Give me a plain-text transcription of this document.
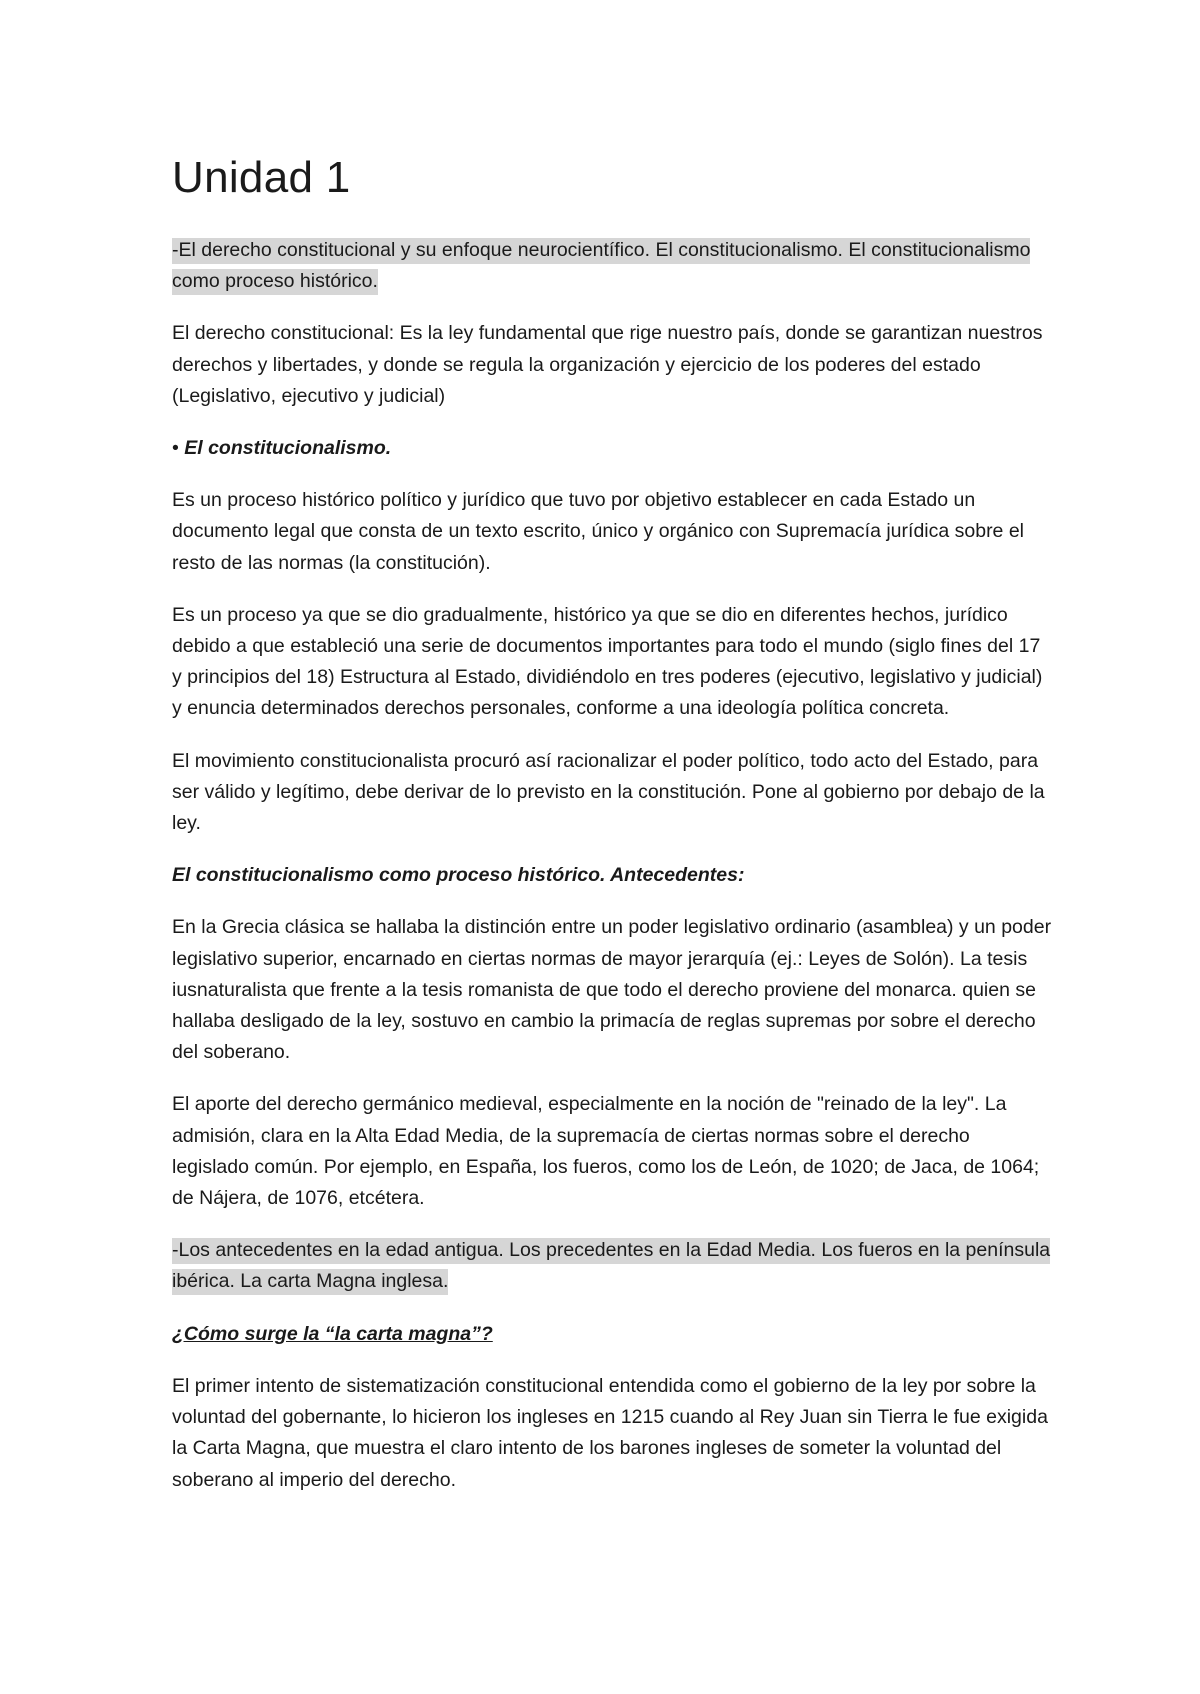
Unidad 1

-El derecho constitucional y su enfoque neurocientífico. El constitucionalismo. El constitucionalismo como proceso histórico.

El derecho constitucional: Es la ley fundamental que rige nuestro país, donde se garantizan nuestros derechos y libertades, y donde se regula la organización y ejercicio de los poderes del estado (Legislativo, ejecutivo y judicial)

• El constitucionalismo.

Es un proceso histórico político y jurídico que tuvo por objetivo establecer en cada Estado un documento legal que consta de un texto escrito, único y orgánico con Supremacía jurídica sobre el resto de las normas (la constitución).

Es un proceso ya que se dio gradualmente, histórico ya que se dio en diferentes hechos, jurídico debido a que estableció una serie de documentos importantes para todo el mundo (siglo fines del 17 y principios del 18) Estructura al Estado, dividiéndolo en tres poderes (ejecutivo, legislativo y judicial) y enuncia determinados derechos personales, conforme a una ideología política concreta.

El movimiento constitucionalista procuró así racionalizar el poder político, todo acto del Estado, para ser válido y legítimo, debe derivar de lo previsto en la constitución. Pone al gobierno por debajo de la ley.

El constitucionalismo como proceso histórico. Antecedentes:

En la Grecia clásica se hallaba la distinción entre un poder legislativo ordinario (asamblea) y un poder legislativo superior, encarnado en ciertas normas de mayor jerarquía (ej.: Leyes de Solón). La tesis iusnaturalista que frente a la tesis romanista de que todo el derecho proviene del monarca. quien se hallaba desligado de la ley, sostuvo en cambio la primacía de reglas supremas por sobre el derecho del soberano.

El aporte del derecho germánico medieval, especialmente en la noción de "reinado de la ley". La admisión, clara en la Alta Edad Media, de la supremacía de ciertas normas sobre el derecho legislado común. Por ejemplo, en España, los fueros, como los de León, de 1020; de Jaca, de 1064; de Nájera, de 1076, etcétera.

-Los antecedentes en la edad antigua. Los precedentes en la Edad Media. Los fueros en la península ibérica. La carta Magna inglesa.

¿Cómo surge la “la carta magna”?

El primer intento de sistematización constitucional entendida como el gobierno de la ley por sobre la voluntad del gobernante, lo hicieron los ingleses en 1215 cuando al Rey Juan sin Tierra le fue exigida la Carta Magna, que muestra el claro intento de los barones ingleses de someter la voluntad del soberano al imperio del derecho.
